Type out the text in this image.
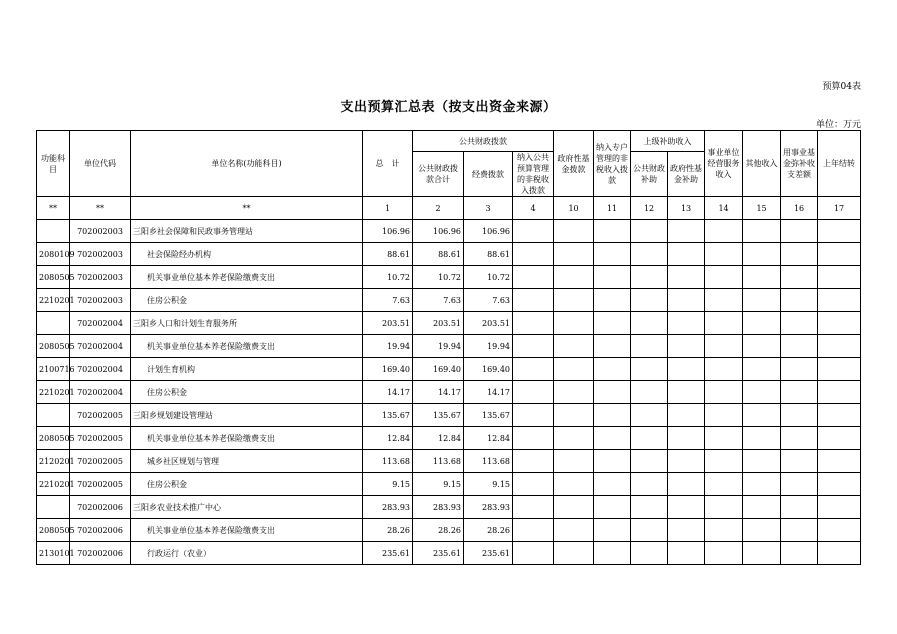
预算04表
支出预算汇总表（按支出资金来源）
单位：万元
功能科目	单位代码	单位名称(功能科目)	总　计	公共财政拨款			政府性基金拨款	纳入专户管理的非税收入拨款	上级补助收入		事业单位经营服务收入	其他收入	用事业基金弥补收支差额	上年结转
				公共财政拨款合计	经费拨款	纳入公共预算管理的非税收入拨款								
									公共财政补助	政府性基金补助				
**	**	**	1	2	3	4	10	11	12	13	14	15	16	17
	702002003	三阳乡社会保障和民政事务管理站	106.96	106.96	106.96									
2080109	702002003	社会保险经办机构	88.61	88.61	88.61									
2080505	702002003	机关事业单位基本养老保险缴费支出	10.72	10.72	10.72									
2210201	702002003	住房公积金	7.63	7.63	7.63									
	702002004	三阳乡人口和计划生育服务所	203.51	203.51	203.51									
2080505	702002004	机关事业单位基本养老保险缴费支出	19.94	19.94	19.94									
2100716	702002004	计划生育机构	169.40	169.40	169.40									
2210201	702002004	住房公积金	14.17	14.17	14.17									
	702002005	三阳乡规划建设管理站	135.67	135.67	135.67									
2080505	702002005	机关事业单位基本养老保险缴费支出	12.84	12.84	12.84									
2120201	702002005	城乡社区规划与管理	113.68	113.68	113.68									
2210201	702002005	住房公积金	9.15	9.15	9.15									
	702002006	三阳乡农业技术推广中心	283.93	283.93	283.93									
2080505	702002006	机关事业单位基本养老保险缴费支出	28.26	28.26	28.26									
2130101	702002006	行政运行（农业）	235.61	235.61	235.61									
